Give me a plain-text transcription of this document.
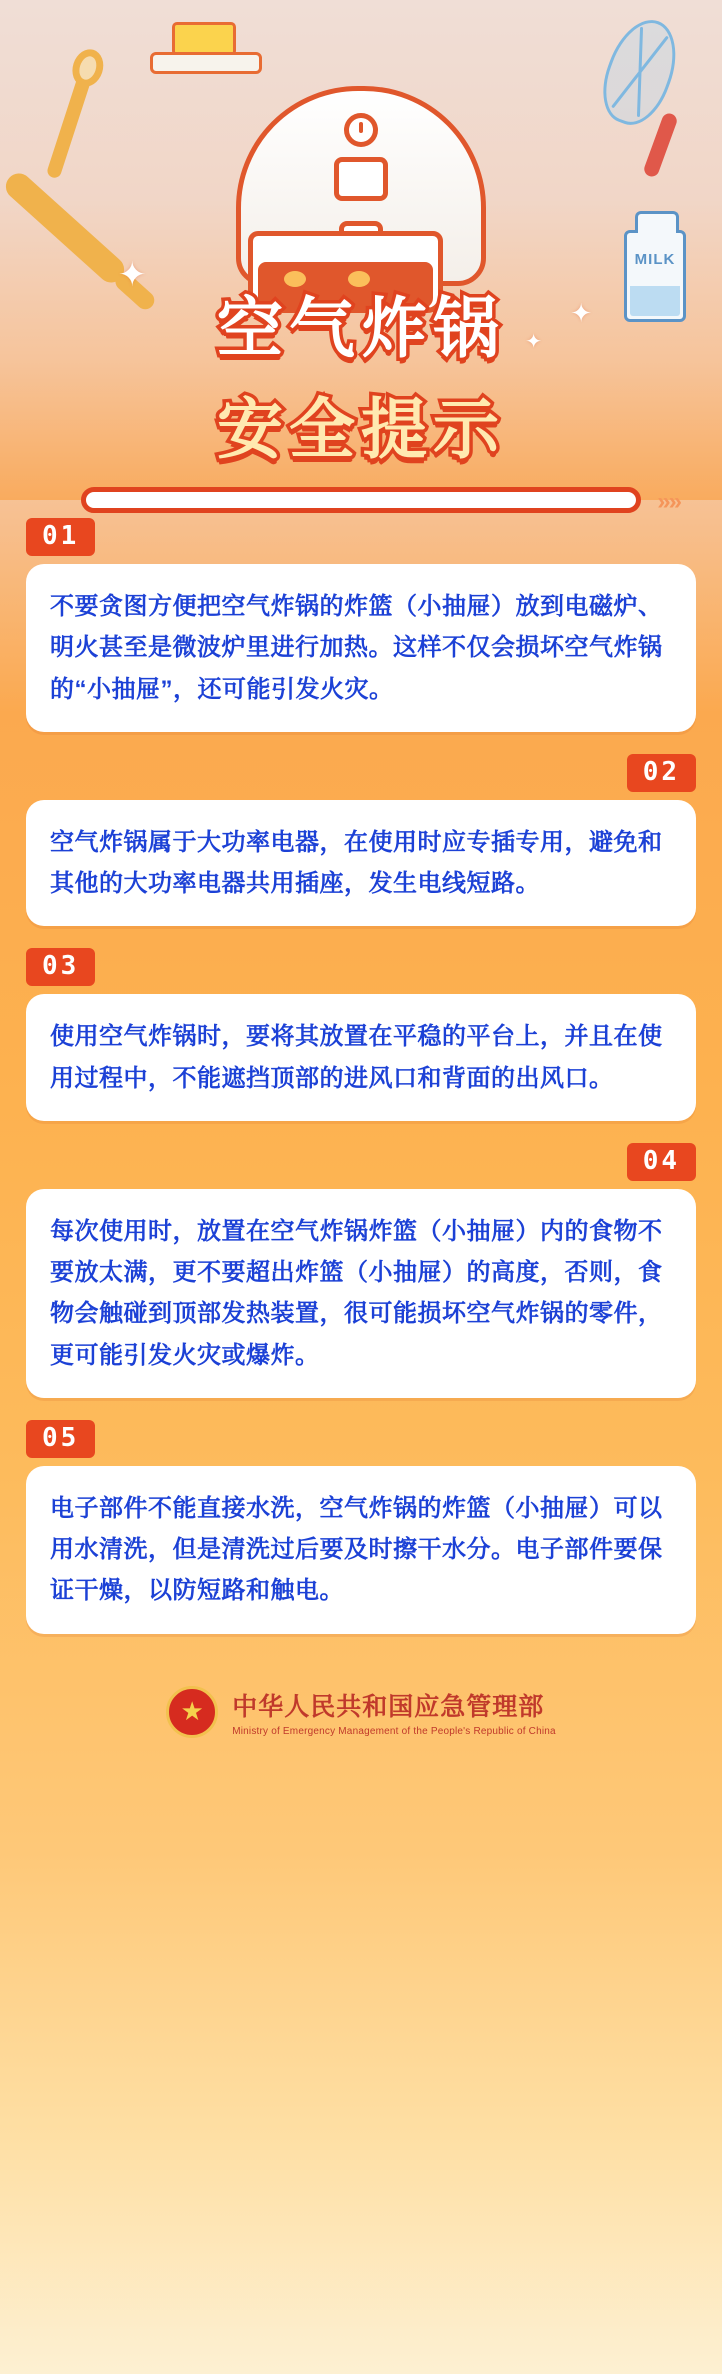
MILK
✦
✦
✦
空气炸锅
安全提示
»»
01

不要贪图方便把空气炸锅的炸篮（小抽屉）放到电磁炉、明火甚至是微波炉里进行加热。这样不仅会损坏空气炸锅的“小抽屉”，还可能引发火灾。

02

空气炸锅属于大功率电器，在使用时应专插专用，避免和其他的大功率电器共用插座，发生电线短路。

03

使用空气炸锅时，要将其放置在平稳的平台上，并且在使用过程中，不能遮挡顶部的进风口和背面的出风口。

04

每次使用时，放置在空气炸锅炸篮（小抽屉）内的食物不要放太满，更不要超出炸篮（小抽屉）的高度，否则，食物会触碰到顶部发热装置，很可能损坏空气炸锅的零件，更可能引发火灾或爆炸。

05

电子部件不能直接水洗，空气炸锅的炸篮（小抽屉）可以用水清洗，但是清洗过后要及时擦干水分。电子部件要保证干燥，以防短路和触电。

★
中华人民共和国应急管理部
Ministry of Emergency Management of the People's Republic of China
